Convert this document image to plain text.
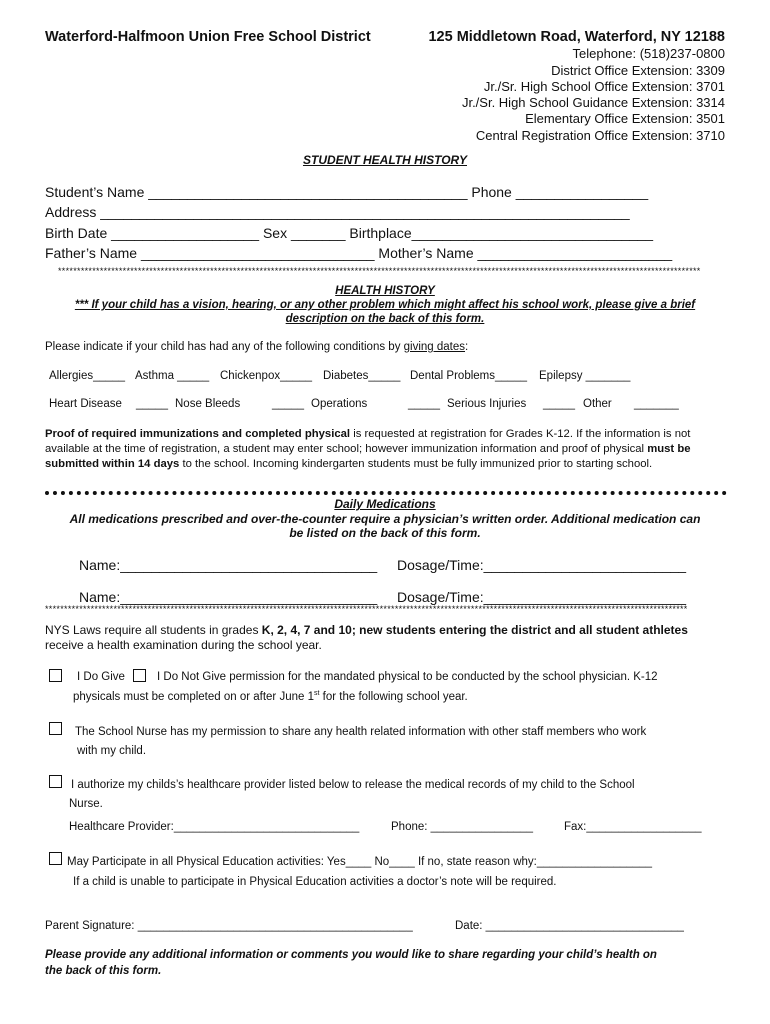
Waterford-Halfmoon Union Free School District	125 Middletown Road, Waterford, NY 12188
Telephone: (518)237-0800
District Office Extension: 3309
Jr./Sr. High School Office Extension: 3701
Jr./Sr. High School Guidance Extension: 3314
Elementary Office Extension: 3501
Central Registration Office Extension: 3710
STUDENT HEALTH HISTORY
Student’s Name _________________________________________ Phone _________________
Address ____________________________________________________________________
Birth Date ___________________ Sex _______ Birthplace_______________________________
Father’s Name ______________________________ Mother’s Name _________________________
*************************************************************************************************************************************************************************
HEALTH HISTORY
*** If your child has a vision, hearing, or any other problem which might affect his school work, please give a brief
description on the back of this form.
Please indicate if your child has had any of the following conditions by giving dates:
Allergies_____ Asthma _____ Chickenpox_____ Diabetes_____ Dental Problems_____ Epilepsy _______
Heart Disease _____ Nose Bleeds	_____ Operations	_____ Serious Injuries _____ Other _______
Proof of required immunizations and completed physical is requested at registration for Grades K-12. If the information is not available at the time of registration, a student may enter school; however immunization information and proof of physical must be submitted within 14 days to the school. Incoming kindergarten students must be fully immunized prior to starting school.
Daily Medications
All medications prescribed and over-the-counter require a physician’s written order. Additional medication can
be listed on the back of this form.
Name:_________________________________ Dosage/Time:__________________________
Name:_________________________________ Dosage/Time:__________________________
*************************************************************************************************************************************************************************
NYS Laws require all students in grades K, 2, 4, 7 and 10; new students entering the district and all student athletes
receive a health examination during the school year.
I Do Give	I Do Not Give permission for the mandated physical to be conducted by the school physician. K-12
physicals must be completed on or after June 1st for the following school year.
The School Nurse has my permission to share any health related information with other staff members who work
with my child.
I authorize my childs’s healthcare provider listed below to release the medical records of my child to the School
Nurse.
Healthcare Provider:_____________________________	Phone: ________________	Fax:__________________
May Participate in all Physical Education activities: Yes____ No____ If no, state reason why:__________________
If a child is unable to participate in Physical Education activities a doctor’s note will be required.
Parent Signature: ___________________________________________	Date: _______________________________
Please provide any additional information or comments you would like to share regarding your child’s health on
the back of this form.
